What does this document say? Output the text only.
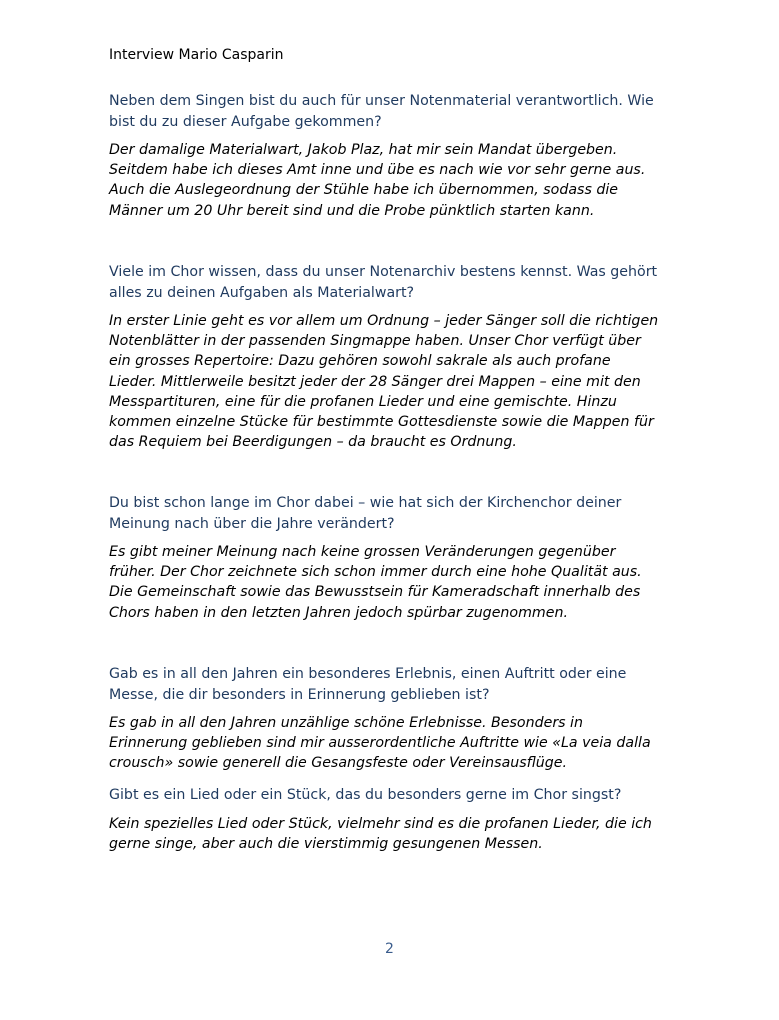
Interview Mario Casparin

Neben dem Singen bist du auch für unser Notenmaterial verantwortlich. Wie
bist du zu dieser Aufgabe gekommen?

Der damalige Materialwart, Jakob Plaz, hat mir sein Mandat übergeben.
Seitdem habe ich dieses Amt inne und übe es nach wie vor sehr gerne aus.
Auch die Auslegeordnung der Stühle habe ich übernommen, sodass die
Männer um 20 Uhr bereit sind und die Probe pünktlich starten kann.

Viele im Chor wissen, dass du unser Notenarchiv bestens kennst. Was gehört
alles zu deinen Aufgaben als Materialwart?

In erster Linie geht es vor allem um Ordnung – jeder Sänger soll die richtigen
Notenblätter in der passenden Singmappe haben. Unser Chor verfügt über
ein grosses Repertoire: Dazu gehören sowohl sakrale als auch profane
Lieder. Mittlerweile besitzt jeder der 28 Sänger drei Mappen – eine mit den
Messpartituren, eine für die profanen Lieder und eine gemischte. Hinzu
kommen einzelne Stücke für bestimmte Gottesdienste sowie die Mappen für
das Requiem bei Beerdigungen – da braucht es Ordnung.

Du bist schon lange im Chor dabei – wie hat sich der Kirchenchor deiner
Meinung nach über die Jahre verändert?

Es gibt meiner Meinung nach keine grossen Veränderungen gegenüber
früher. Der Chor zeichnete sich schon immer durch eine hohe Qualität aus.
Die Gemeinschaft sowie das Bewusstsein für Kameradschaft innerhalb des
Chors haben in den letzten Jahren jedoch spürbar zugenommen.

Gab es in all den Jahren ein besonderes Erlebnis, einen Auftritt oder eine
Messe, die dir besonders in Erinnerung geblieben ist?

Es gab in all den Jahren unzählige schöne Erlebnisse. Besonders in
Erinnerung geblieben sind mir ausserordentliche Auftritte wie «La veia dalla
crousch» sowie generell die Gesangsfeste oder Vereinsausflüge.

Gibt es ein Lied oder ein Stück, das du besonders gerne im Chor singst?

Kein spezielles Lied oder Stück, vielmehr sind es die profanen Lieder, die ich
gerne singe, aber auch die vierstimmig gesungenen Messen.

2
